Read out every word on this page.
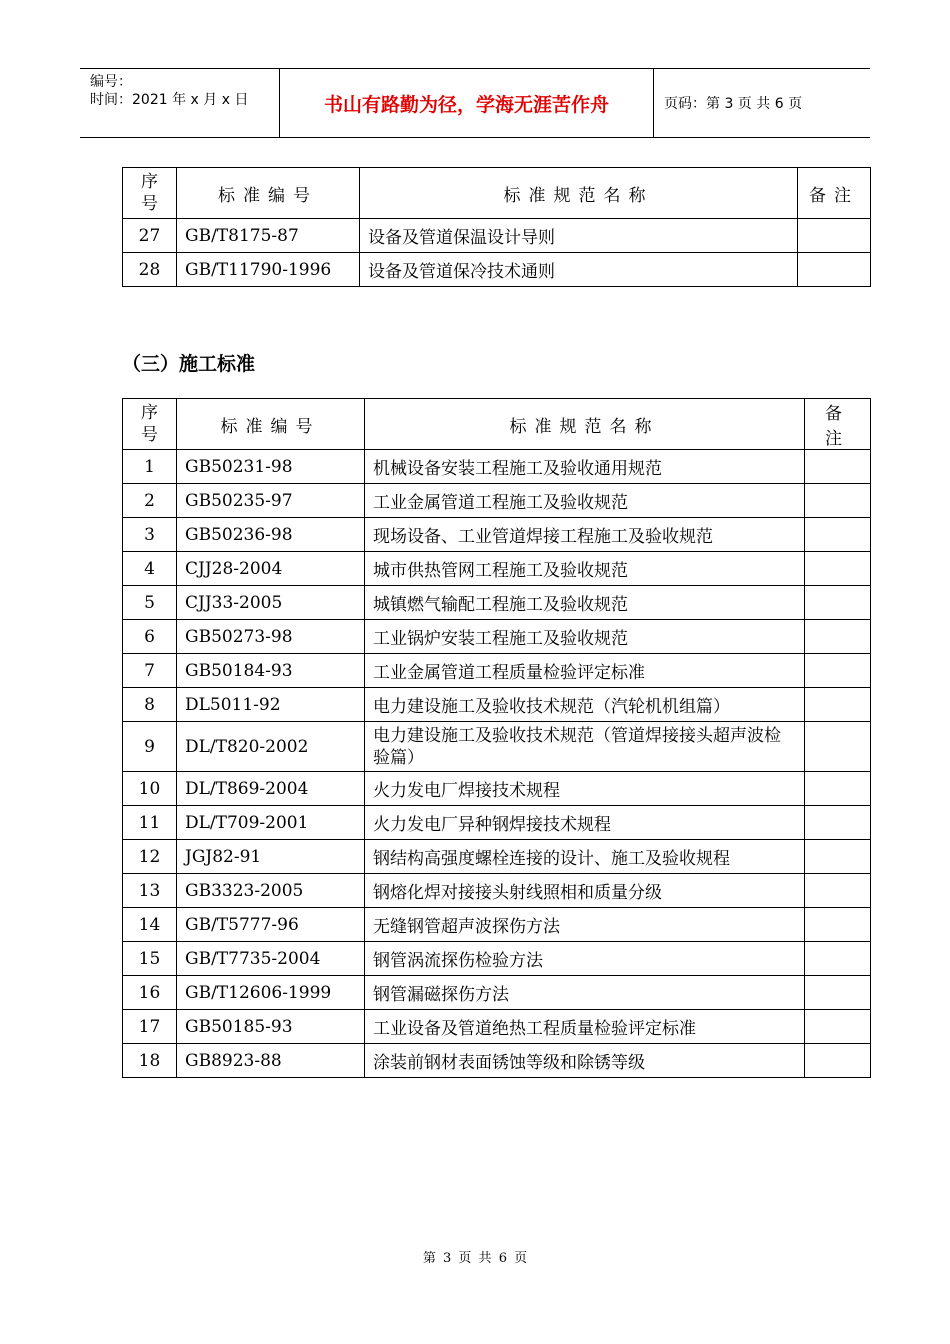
编号：
时间：2021 年 x 月 x 日	书山有路勤为径，学海无涯苦作舟	页码：第 3 页 共 6 页
序号	标准编号	标准规范名称	备注
27	GB/T8175-87	设备及管道保温设计导则	
28	GB/T11790-1996	设备及管道保冷技术通则	
（三）施工标准
序号	标准编号	标准规范名称	备注
1	GB50231-98	机械设备安装工程施工及验收通用规范	
2	GB50235-97	工业金属管道工程施工及验收规范	
3	GB50236-98	现场设备、工业管道焊接工程施工及验收规范	
4	CJJ28-2004	城市供热管网工程施工及验收规范	
5	CJJ33-2005	城镇燃气输配工程施工及验收规范	
6	GB50273-98	工业锅炉安装工程施工及验收规范	
7	GB50184-93	工业金属管道工程质量检验评定标准	
8	DL5011-92	电力建设施工及验收技术规范（汽轮机机组篇）	
9	DL/T820-2002	电力建设施工及验收技术规范（管道焊接接头超声波检验篇）	
10	DL/T869-2004	火力发电厂焊接技术规程	
11	DL/T709-2001	火力发电厂异种钢焊接技术规程	
12	JGJ82-91	钢结构高强度螺栓连接的设计、施工及验收规程	
13	GB3323-2005	钢熔化焊对接接头射线照相和质量分级	
14	GB/T5777-96	无缝钢管超声波探伤方法	
15	GB/T7735-2004	钢管涡流探伤检验方法	
16	GB/T12606-1999	钢管漏磁探伤方法	
17	GB50185-93	工业设备及管道绝热工程质量检验评定标准	
18	GB8923-88	涂装前钢材表面锈蚀等级和除锈等级	
第 3 页 共 6 页
